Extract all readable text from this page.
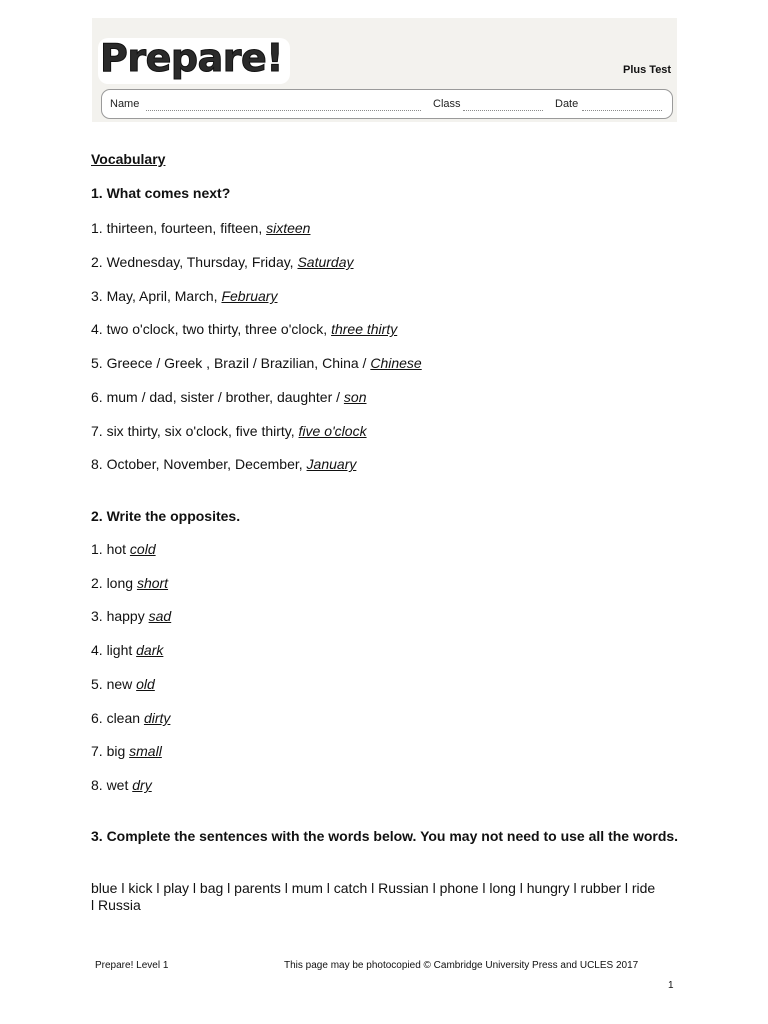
Prepare!	Plus Test
Name	Class	Date
Vocabulary
1. What comes next?
1. thirteen, fourteen, fifteen, sixteen
2. Wednesday, Thursday, Friday, Saturday
3. May, April, March, February
4. two o'clock, two thirty, three o'clock, three thirty
5. Greece / Greek , Brazil / Brazilian, China / Chinese
6. mum / dad, sister / brother, daughter / son
7. six thirty, six o'clock, five thirty, five o'clock
8. October, November, December, January
2. Write the opposites.
1. hot cold
2. long short
3. happy sad
4. light dark
5. new old
6. clean dirty
7. big small
8. wet dry
3. Complete the sentences with the words below. You may not need to use all the words.
blue l kick l play l bag l parents l mum l catch l Russian l phone l long l hungry l rubber l ride l Russia
Prepare! Level 1	This page may be photocopied © Cambridge University Press and UCLES 2017
1
